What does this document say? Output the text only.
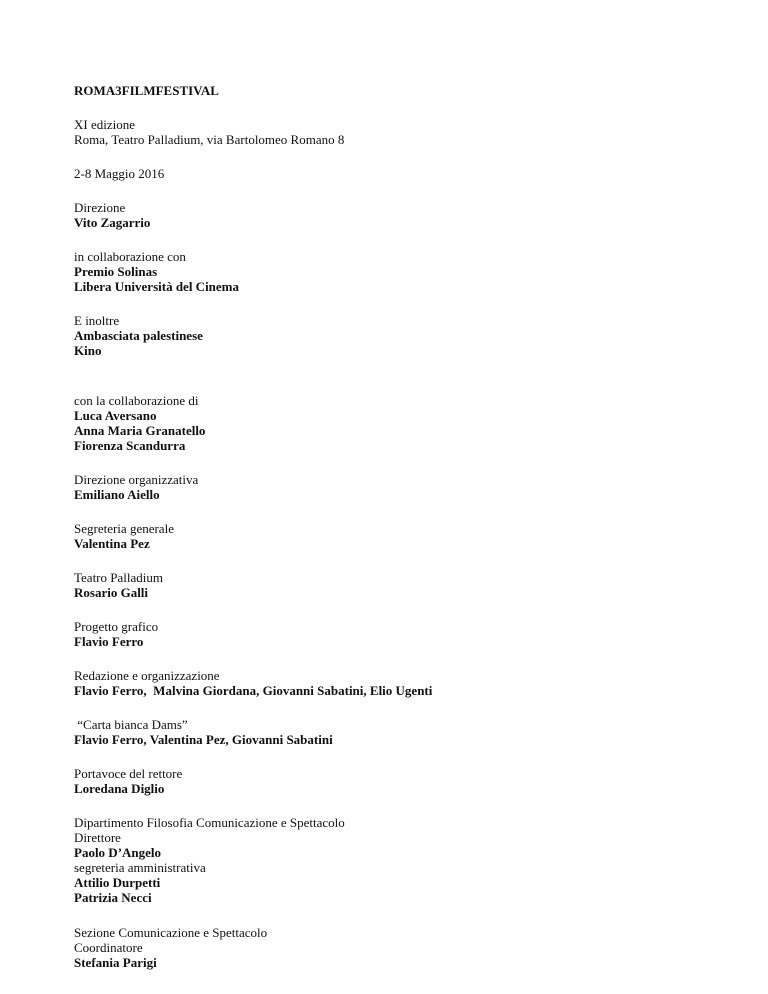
ROMA3FILMFESTIVAL
XI edizione
Roma, Teatro Palladium, via Bartolomeo Romano 8
2-8 Maggio 2016
Direzione
Vito Zagarrio
in collaborazione con
Premio Solinas
Libera Università del Cinema
E inoltre
Ambasciata palestinese
Kino
con la collaborazione di
Luca Aversano
Anna Maria Granatello
Fiorenza Scandurra
Direzione organizzativa
Emiliano Aiello
Segreteria generale
Valentina Pez
Teatro Palladium
Rosario Galli
Progetto grafico
Flavio Ferro
Redazione e organizzazione
Flavio Ferro,  Malvina Giordana, Giovanni Sabatini, Elio Ugenti
“Carta bianca Dams”
Flavio Ferro, Valentina Pez, Giovanni Sabatini
Portavoce del rettore
Loredana Diglio
Dipartimento Filosofia Comunicazione e Spettacolo
Direttore
Paolo D’Angelo
segreteria amministrativa
Attilio Durpetti
Patrizia Necci
Sezione Comunicazione e Spettacolo
Coordinatore
Stefania Parigi
